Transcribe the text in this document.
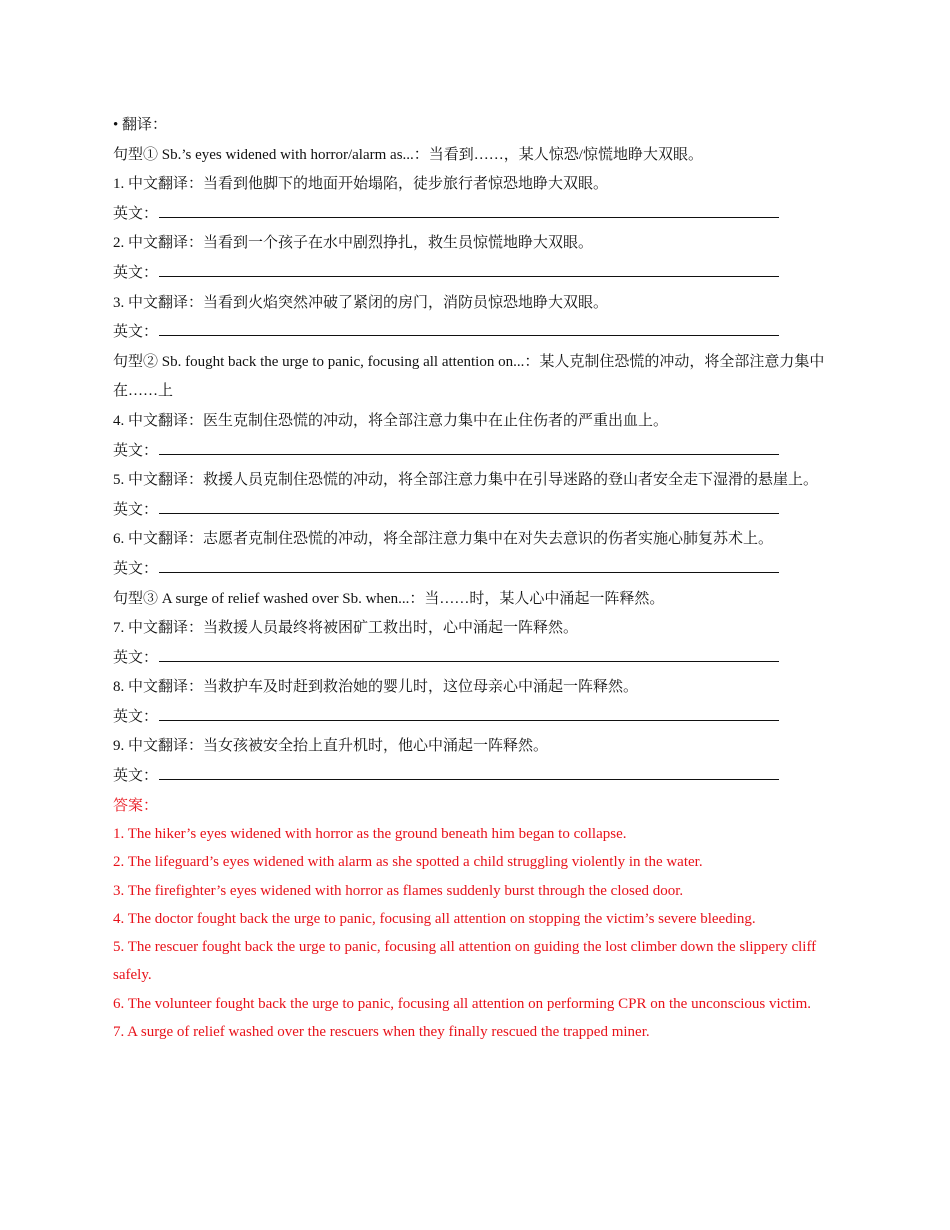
• 翻译：
句型① Sb.’s eyes widened with horror/alarm as...：当看到……，某人惊恐/惊慌地睁大双眼。
1. 中文翻译：当看到他脚下的地面开始塌陷，徒步旅行者惊恐地睁大双眼。
英文：
2. 中文翻译：当看到一个孩子在水中剧烈挣扎，救生员惊慌地睁大双眼。
英文：
3. 中文翻译：当看到火焰突然冲破了紧闭的房门，消防员惊恐地睁大双眼。
英文：
句型② Sb. fought back the urge to panic, focusing all attention on...：某人克制住恐慌的冲动，将全部注意力集中在……上
4. 中文翻译：医生克制住恐慌的冲动，将全部注意力集中在止住伤者的严重出血上。
英文：
5. 中文翻译：救援人员克制住恐慌的冲动，将全部注意力集中在引导迷路的登山者安全走下湿滑的悬崖上。
英文：
6. 中文翻译：志愿者克制住恐慌的冲动，将全部注意力集中在对失去意识的伤者实施心肺复苏术上。
英文：
句型③ A surge of relief washed over Sb. when...：当……时，某人心中涌起一阵释然。
7. 中文翻译：当救援人员最终将被困矿工救出时，心中涌起一阵释然。
英文：
8. 中文翻译：当救护车及时赶到救治她的婴儿时，这位母亲心中涌起一阵释然。
英文：
9. 中文翻译：当女孩被安全抬上直升机时，他心中涌起一阵释然。
英文：
答案：
1. The hiker’s eyes widened with horror as the ground beneath him began to collapse.
2. The lifeguard’s eyes widened with alarm as she spotted a child struggling violently in the water.
3. The firefighter’s eyes widened with horror as flames suddenly burst through the closed door.
4. The doctor fought back the urge to panic, focusing all attention on stopping the victim’s severe bleeding.
5. The rescuer fought back the urge to panic, focusing all attention on guiding the lost climber down the slippery cliff safely.
6. The volunteer fought back the urge to panic, focusing all attention on performing CPR on the unconscious victim.
7. A surge of relief washed over the rescuers when they finally rescued the trapped miner.
